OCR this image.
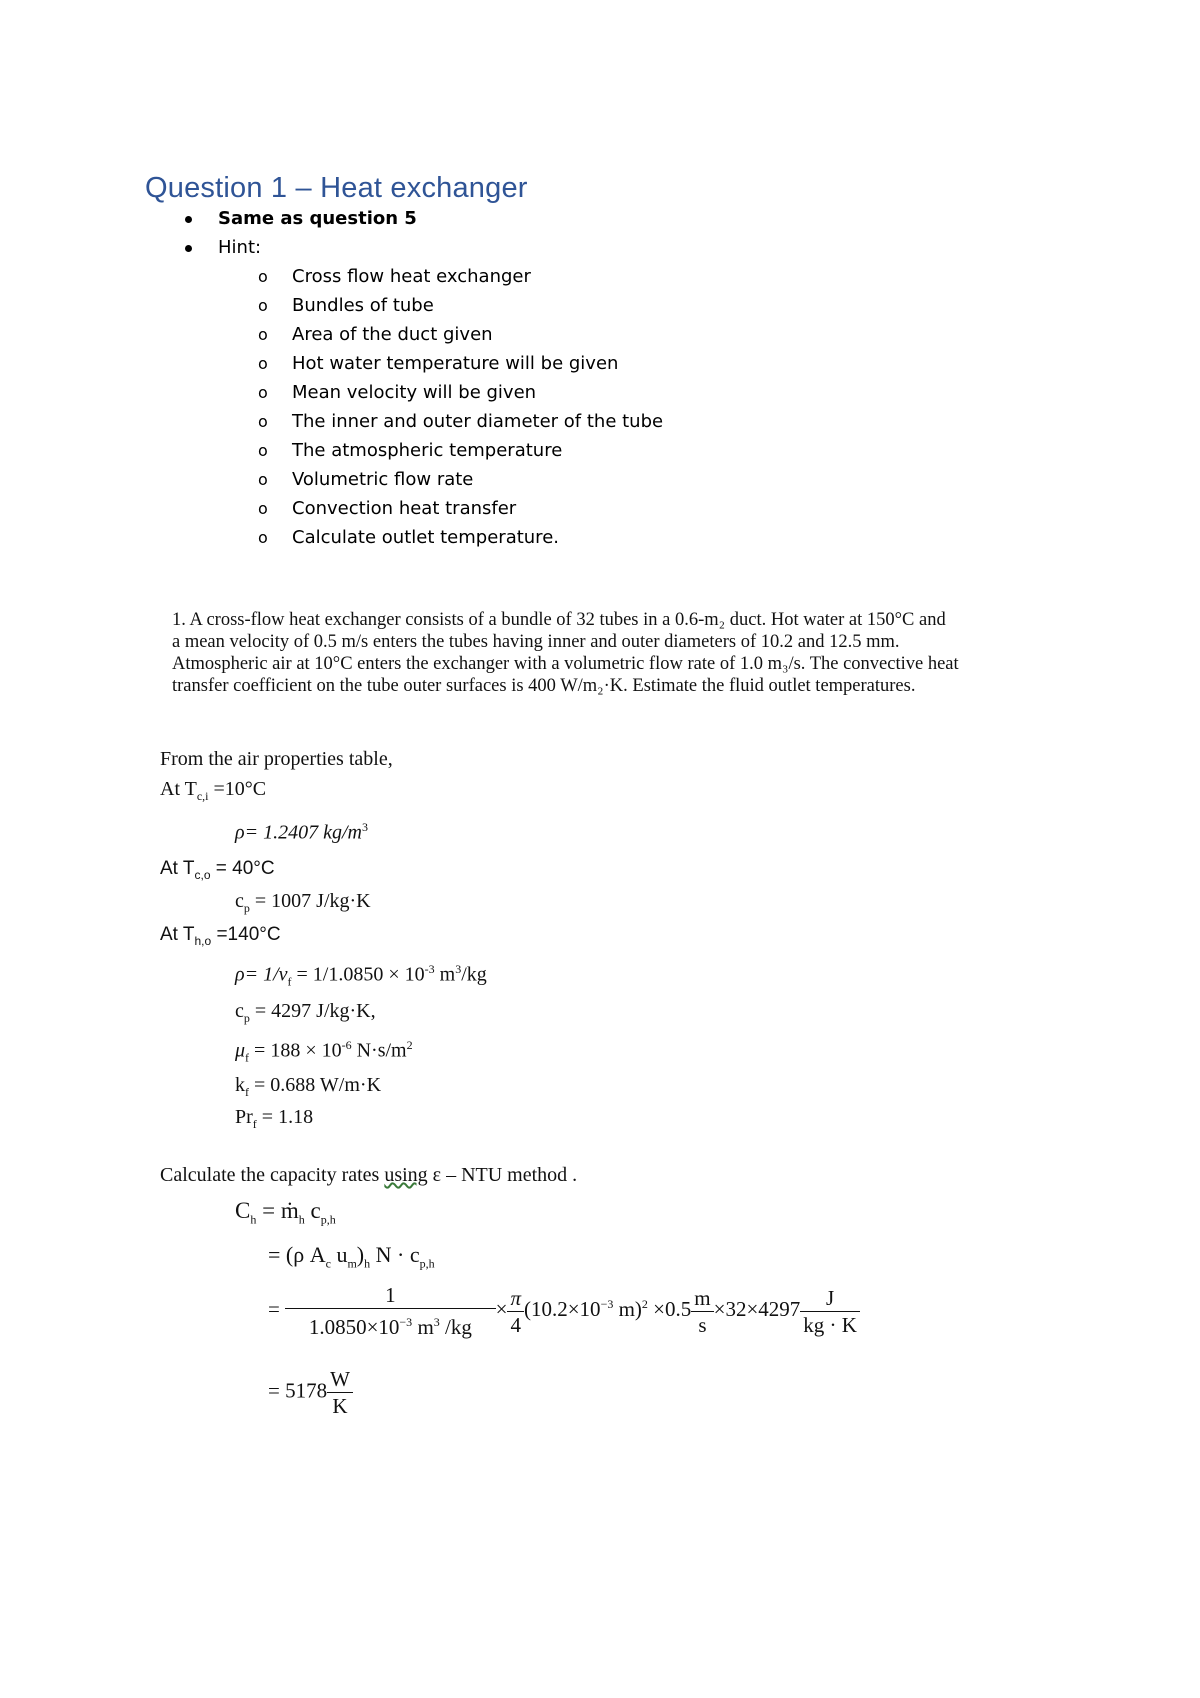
Question 1 – Heat exchanger
Same as question 5
Hint:
o Cross flow heat exchanger
o Bundles of tube
o Area of the duct given
o Hot water temperature will be given
o Mean velocity will be given
o The inner and outer diameter of the tube
o The atmospheric temperature
o Volumetric flow rate
o Convection heat transfer
o Calculate outlet temperature.
1. A cross-flow heat exchanger consists of a bundle of 32 tubes in a 0.6-m₂ duct. Hot water at 150°C and
a mean velocity of 0.5 m/s enters the tubes having inner and outer diameters of 10.2 and 12.5 mm.
Atmospheric air at 10°C enters the exchanger with a volumetric flow rate of 1.0 m₃/s. The convective heat
transfer coefficient on the tube outer surfaces is 400 W/m₂·K. Estimate the fluid outlet temperatures.
From the air properties table,
At $T_{c,i} =10^\circ C$
ρ= 1.2407 $kg/m^3$
At $T_{c,o} = 40^\circ C$
$c_p = 1007$ J/kg·K
At $T_{h,o} =140^\circ C$
$\rho= 1/v_f = 1/1.0850 \times 10^{-3}$ $m^3/kg$
$c_p = 4297$ J/kg·K,
$\mu_f = 188 \times 10^{-6}$ $N\cdot s/m^2$
$k_f = 0.688$ W/m·K
$Pr_f = 1.18$
Calculate the capacity rates using ε – NTU method .
$C_h$ = ṁ$_h$ $c_{p,h}$
= (ρ $A_c$ $u_m)_h$ $N \cdot c_{p,h}$
= $\frac{1}{1.0850\times 10^{-3} m^3 /kg} \times \frac{\pi}{4} (10.2\times 10^{-3}$ $m)^2 \times 0.5 \frac{m}{s} \times 32\times 4297 \frac{J}{kg \cdot K}$
= $5178 \frac{W}{K}$
